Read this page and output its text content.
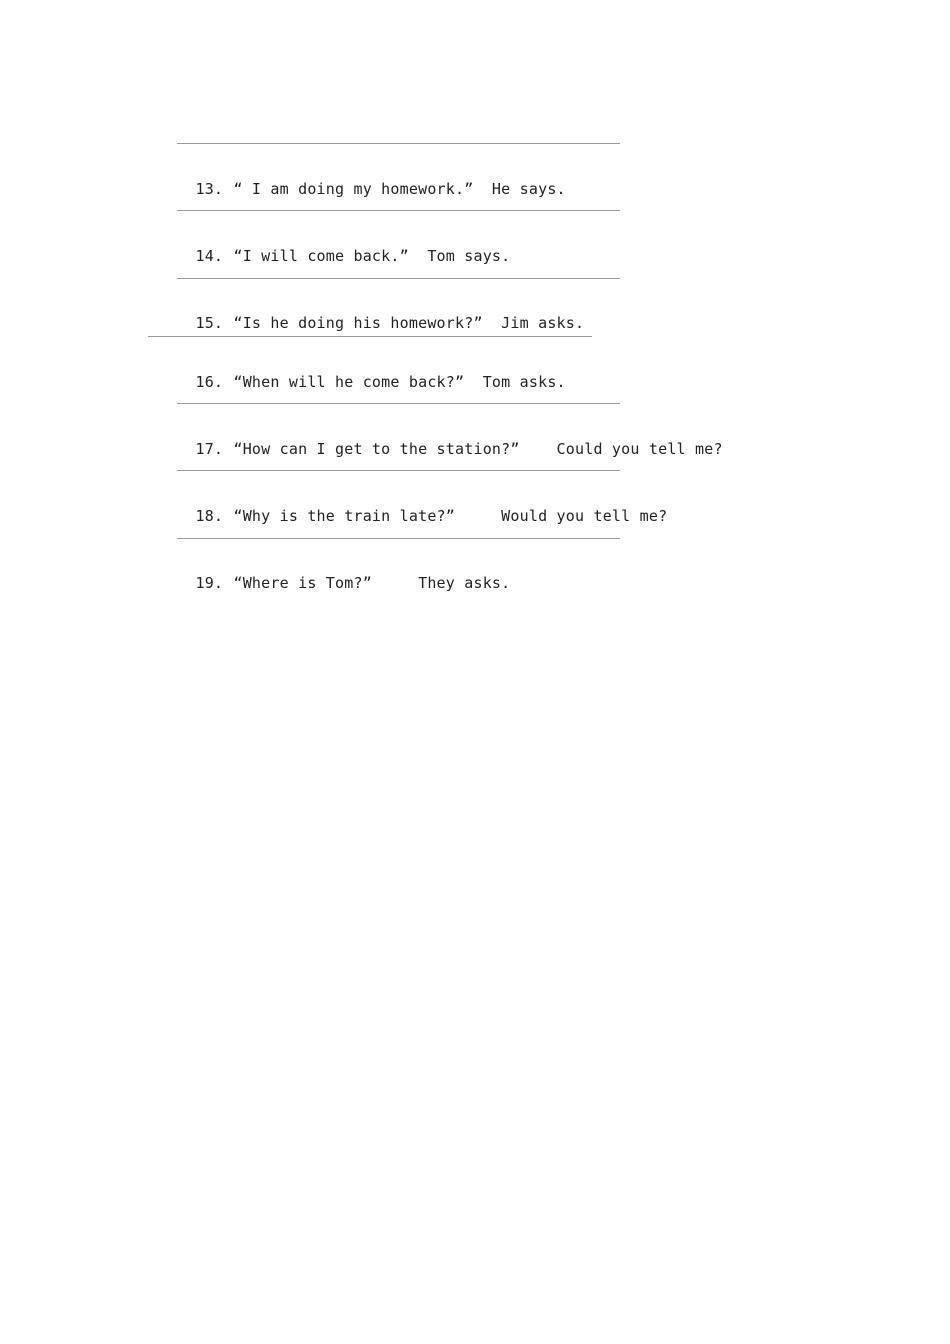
13. “ I am doing my homework.”  He says.

14. “I will come back.”  Tom says.

15. “Is he doing his homework?”  Jim asks.

16. “When will he come back?”  Tom asks.

17. “How can I get to the station?”    Could you tell me?

18. “Why is the train late?”     Would you tell me?

19. “Where is Tom?”     They asks.
